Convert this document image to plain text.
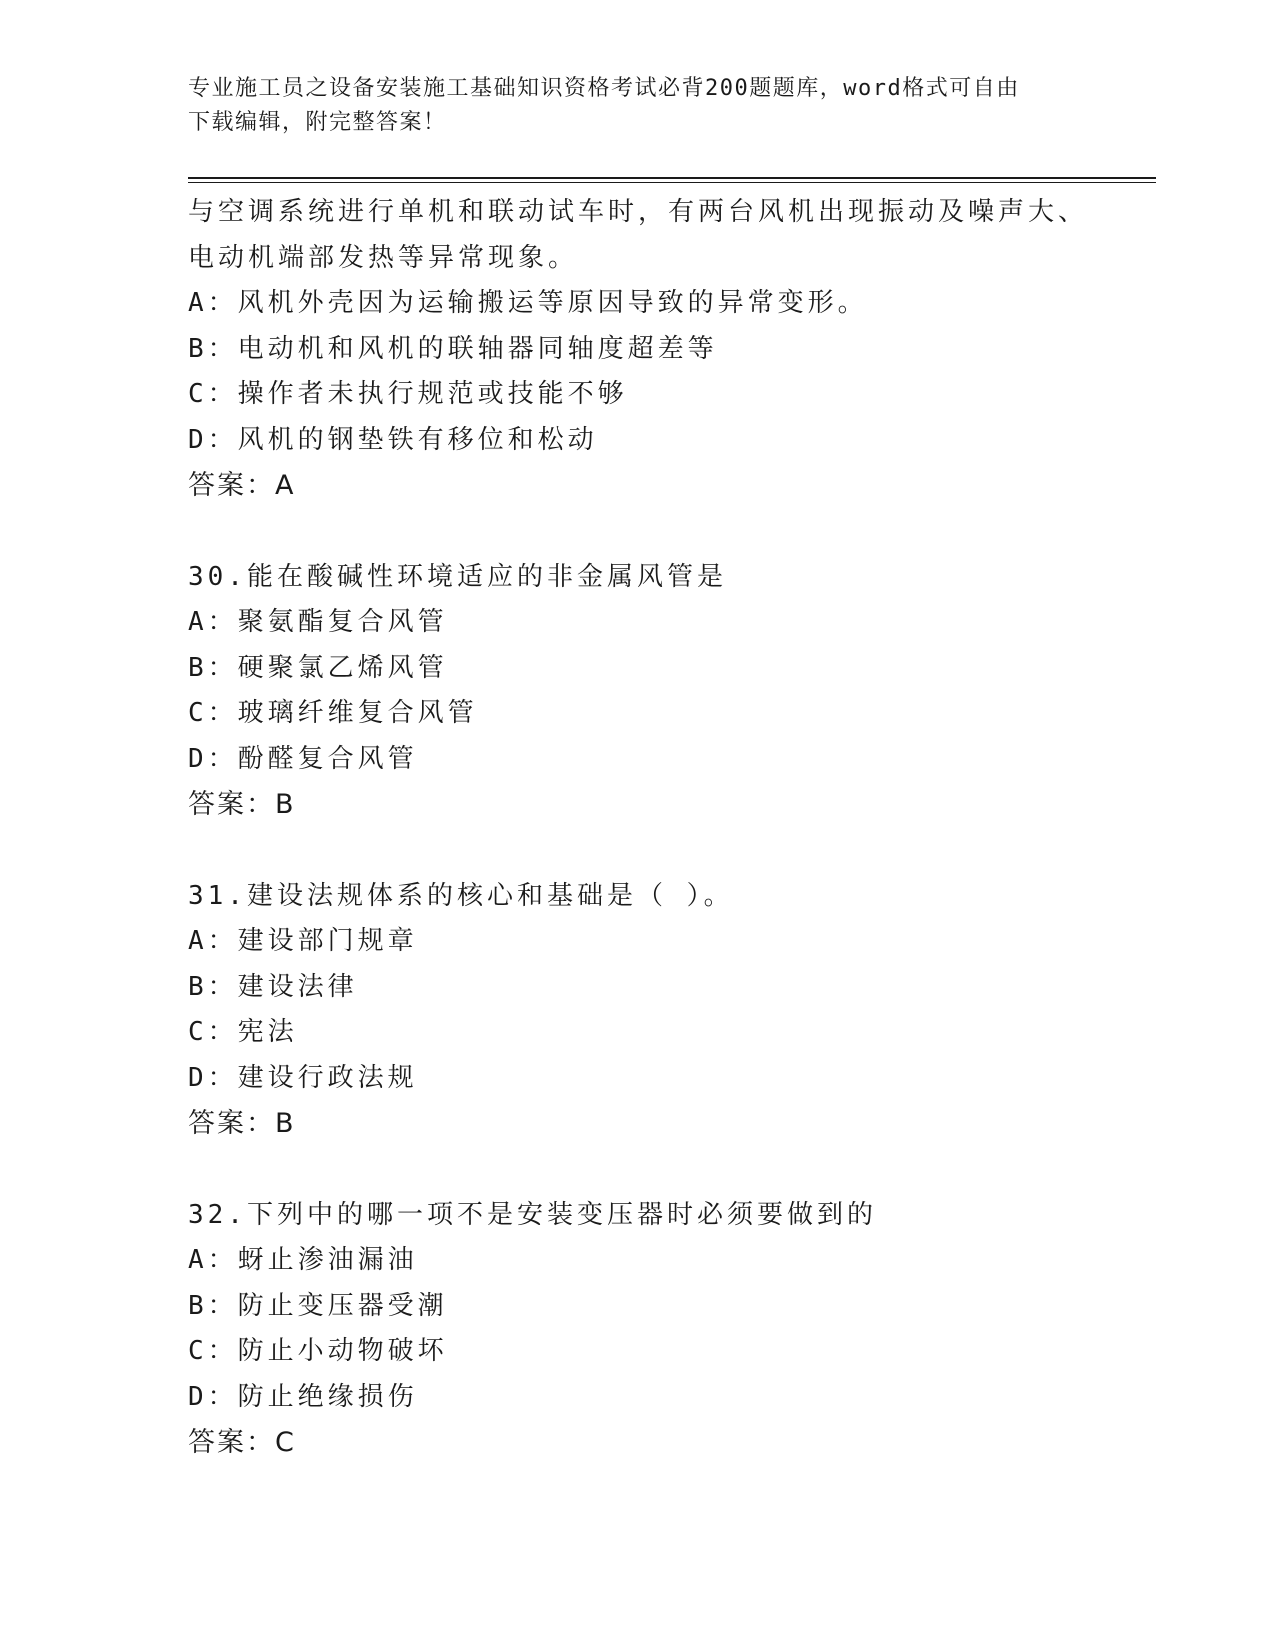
专业施工员之设备安装施工基础知识资格考试必背200题题库，word格式可自由
下载编辑，附完整答案！
与空调系统进行单机和联动试车时，有两台风机出现振动及噪声大、
电动机端部发热等异常现象。
A：风机外壳因为运输搬运等原因导致的异常变形。
B：电动机和风机的联轴器同轴度超差等
C：操作者未执行规范或技能不够
D：风机的钢垫铁有移位和松动
答案：A
30.能在酸碱性环境适应的非金属风管是
A：聚氨酯复合风管
B：硬聚氯乙烯风管
C：玻璃纤维复合风管
D：酚醛复合风管
答案：B
31.建设法规体系的核心和基础是（ ）。
A：建设部门规章
B：建设法律
C：宪法
D：建设行政法规
答案：B
32.下列中的哪一项不是安装变压器时必须要做到的
A：蚜止渗油漏油
B：防止变压器受潮
C：防止小动物破坏
D：防止绝缘损伤
答案：C
